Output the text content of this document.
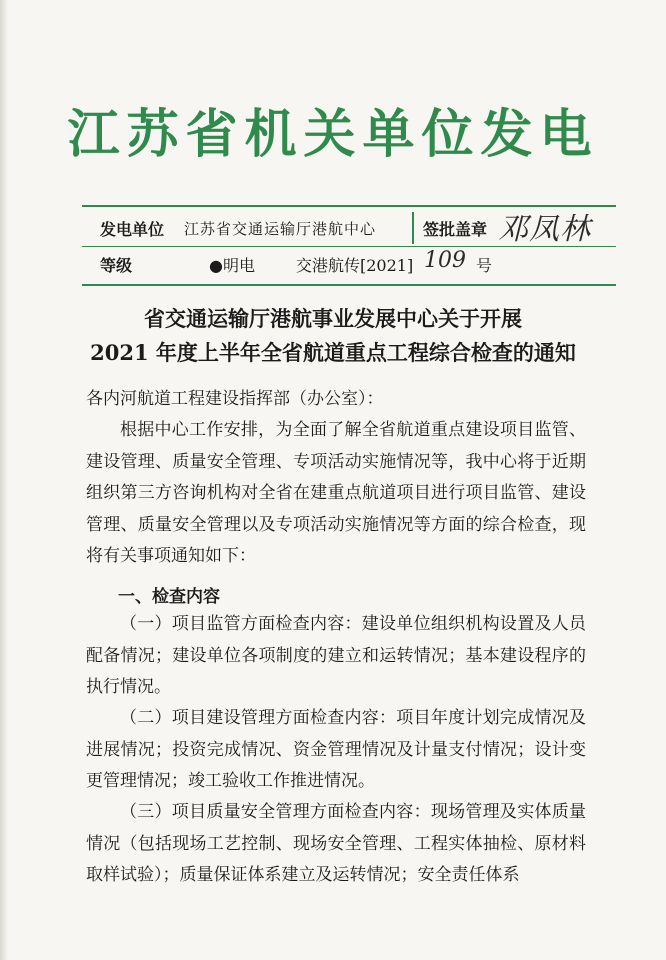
江苏省机关单位发电
发电单位 江苏省交通运输厅港航中心	签批盖章 邓凤林
等级	●明电	交港航传[2021] 109 号
省交通运输厅港航事业发展中心关于开展
2021 年度上半年全省航道重点工程综合检查的通知
各内河航道工程建设指挥部（办公室）：
根据中心工作安排，为全面了解全省航道重点建设项目监管、建设管理、质量安全管理、专项活动实施情况等，我中心将于近期组织第三方咨询机构对全省在建重点航道项目进行项目监管、建设管理、质量安全管理以及专项活动实施情况等方面的综合检查，现将有关事项通知如下：
一、检查内容
（一）项目监管方面检查内容：建设单位组织机构设置及人员配备情况；建设单位各项制度的建立和运转情况；基本建设程序的执行情况。
（二）项目建设管理方面检查内容：项目年度计划完成情况及进展情况；投资完成情况、资金管理情况及计量支付情况；设计变更管理情况；竣工验收工作推进情况。
（三）项目质量安全管理方面检查内容：现场管理及实体质量情况（包括现场工艺控制、现场安全管理、工程实体抽检、原材料取样试验）；质量保证体系建立及运转情况；安全责任体系
